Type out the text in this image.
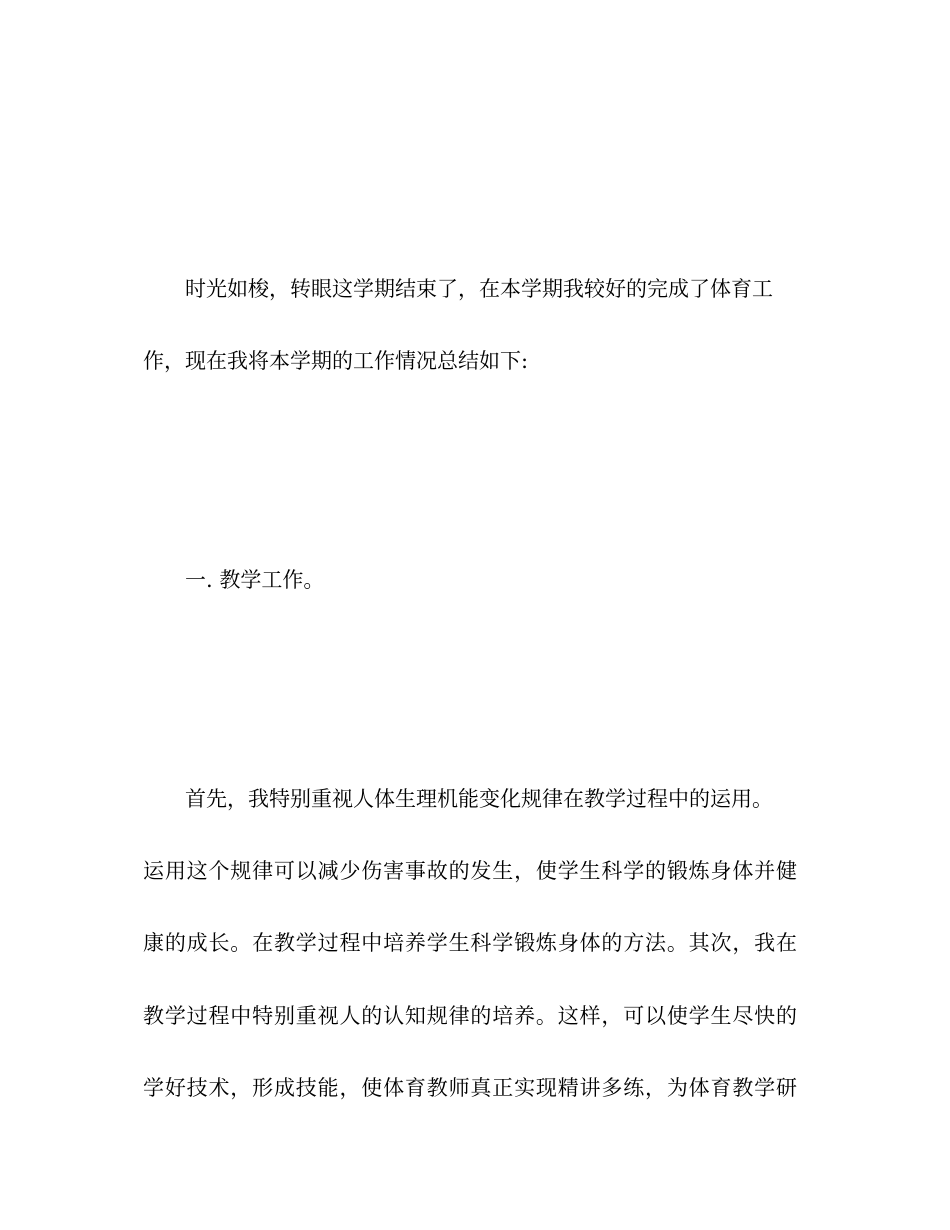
时光如梭，转眼这学期结束了，在本学期我较好的完成了体育工
作，现在我将本学期的工作情况总结如下:
一. 教学工作。
首先，我特别重视人体生理机能变化规律在教学过程中的运用。
运用这个规律可以减少伤害事故的发生，使学生科学的锻炼身体并健
康的成长。在教学过程中培养学生科学锻炼身体的方法。其次，我在
教学过程中特别重视人的认知规律的培养。这样，可以使学生尽快的
学好技术，形成技能，使体育教师真正实现精讲多练，为体育教学研
